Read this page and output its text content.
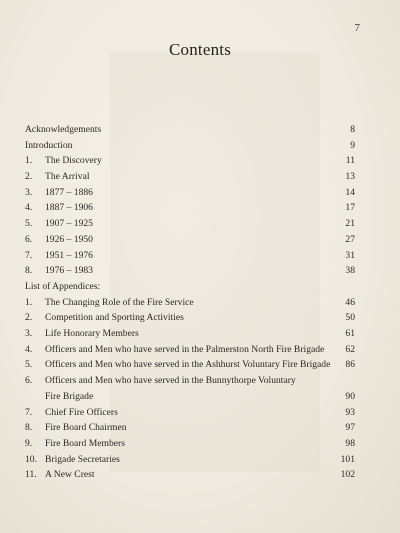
7
Contents
Acknowledgements	8
Introduction	9
1. The Discovery	11
2. The Arrival	13
3. 1877 – 1886	14
4. 1887 – 1906	17
5. 1907 – 1925	21
6. 1926 – 1950	27
7. 1951 – 1976	31
8. 1976 – 1983	38
List of Appendices:
1. The Changing Role of the Fire Service	46
2. Competition and Sporting Activities	50
3. Life Honorary Members	61
4. Officers and Men who have served in the Palmerston North Fire Brigade 62
5. Officers and Men who have served in the Ashhurst Voluntary Fire Brigade 86
6. Officers and Men who have served in the Bunnythorpe Voluntary
Fire Brigade	90
7. Chief Fire Officers	93
8. Fire Board Chairmen	97
9. Fire Board Members	98
10. Brigade Secretaries	101
11. A New Crest	102
